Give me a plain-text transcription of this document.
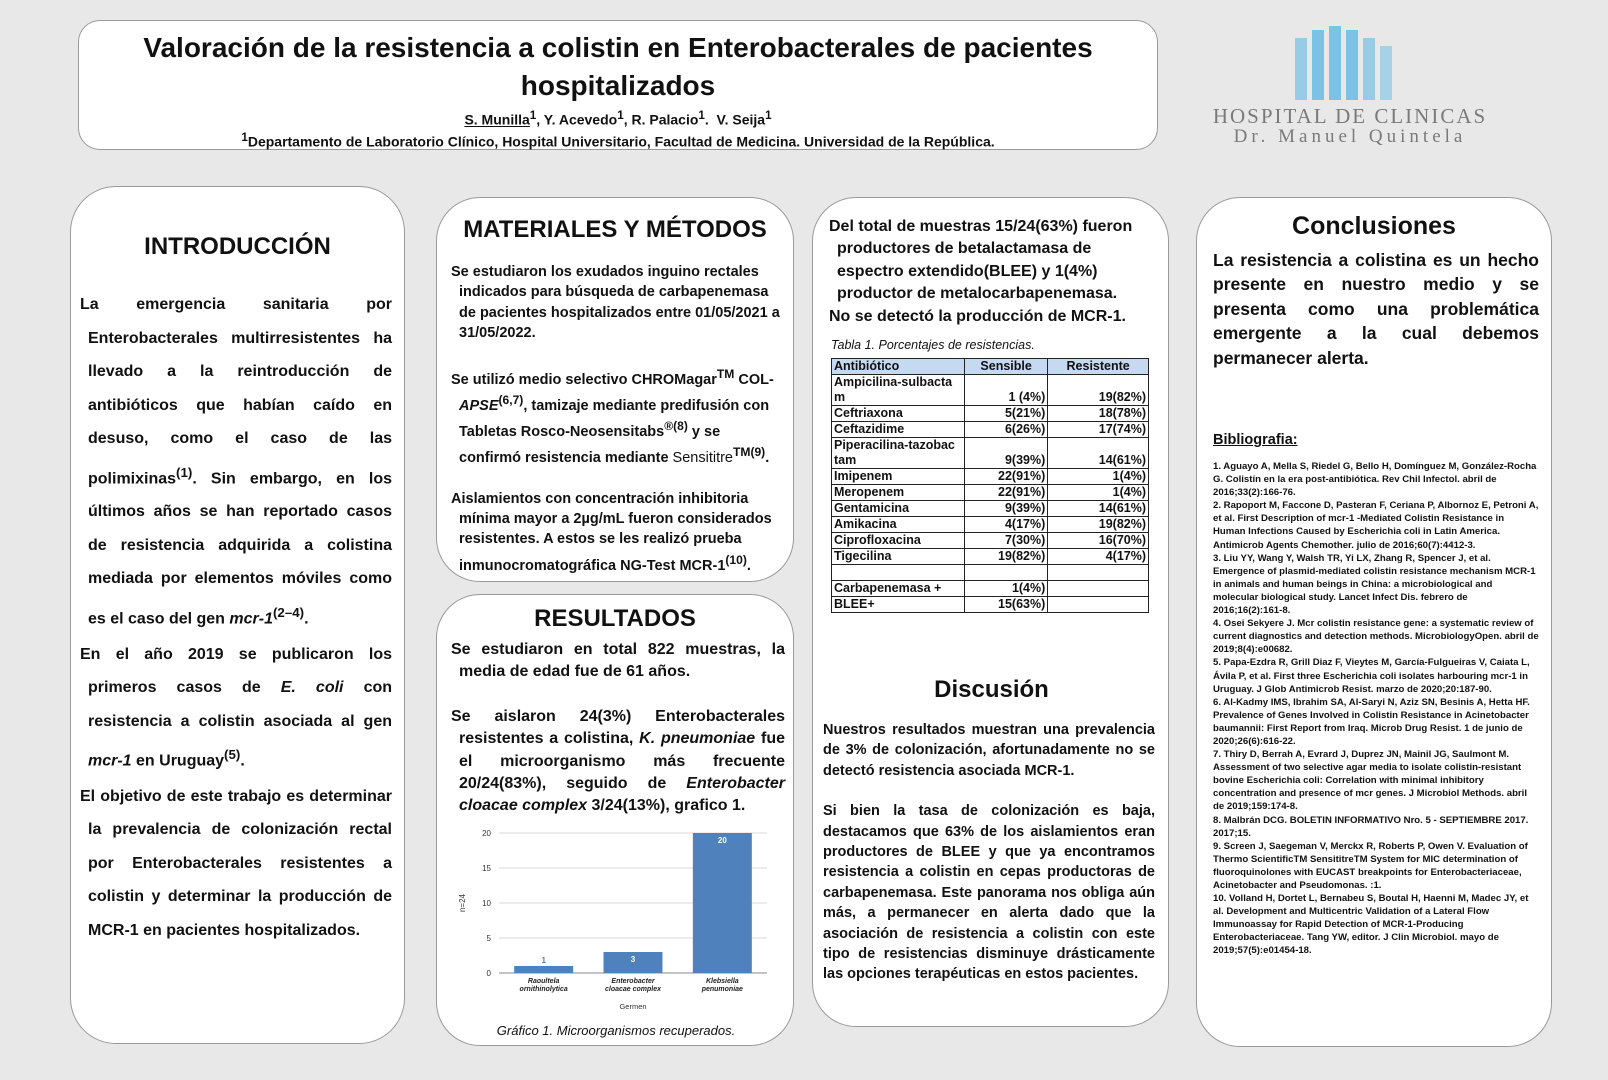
Valoración de la resistencia a colistin en Enterobacterales de pacientes hospitalizados
S. Munilla$^1$, Y. Acevedo$^1$, R. Palacio$^1$.  V. Seija$^1$
$^1$Departamento de Laboratorio Clínico, Hospital Universitario, Facultad de Medicina. Universidad de la República.
HOSPITAL DE CLINICAS
Dr. Manuel Quintela
INTRODUCCIÓN

La emergencia sanitaria por Enterobacterales multirresistentes ha llevado a la reintroducción de antibióticos que habían caído en desuso, como el caso de las polimixinas$^{(1)}$. Sin embargo, en los últimos años se han reportado casos de resistencia adquirida a colistina mediada por elementos móviles como es el caso del gen mcr-1$^{(2-4)}$.

En el año 2019 se publicaron los primeros casos de E. coli con resistencia a colistin asociada al gen mcr-1 en Uruguay$^{(5)}$.

El objetivo de este trabajo es determinar la prevalencia de colonización rectal por Enterobacterales resistentes a colistin y determinar la producción de MCR-1 en pacientes hospitalizados.

MATERIALES Y MÉTODOS

Se estudiaron los exudados inguino rectales indicados para búsqueda de carbapenemasa de pacientes hospitalizados entre 01/05/2021 a 31/05/2022.

Se utilizó medio selectivo CHROMagar™ COL-APSE$^{(6,7)}$, tamizaje mediante predifusión con Tabletas Rosco-Neosensitabs$^{®(8)}$ y se confirmó resistencia mediante Sensititre$^{TM(9)}$.

Aislamientos con concentración inhibitoria mínima mayor a 2µg/mL fueron considerados resistentes. A estos se les realizó prueba inmunocromatográfica NG-Test MCR-1$^{(10)}$.

RESULTADOS

Se estudiaron en total 822 muestras, la media de edad fue de 61 años.

Se aislaron 24(3%) Enterobacterales resistentes a colistina, K. pneumoniae fue el microorganismo más frecuente 20/24(83%), seguido de Enterobacter cloacae complex 3/24(13%), grafico 1.

0
5
10
15
20
n=24
1
Raoultela
ornithinolytica
3
Enterobacter
cloacae complex
20
Klebsiella
penumoniae
Germen
Gráfico 1. Microorganismos recuperados.

Del total de muestras 15/24(63%) fueron productores de betalactamasa de espectro extendido(BLEE) y 1(4%) productor de metalocarbapenemasa.

No se detectó la producción de MCR-1.

Tabla 1. Porcentajes de resistencias.
Antibiótico	Sensible	Resistente
Ampicilina-sulbacta m	1 (4%)	19(82%)
Ceftriaxona	5(21%)	18(78%)
Ceftazidime	6(26%)	17(74%)
Piperacilina-tazobac tam	9(39%)	14(61%)
Imipenem	22(91%)	1(4%)
Meropenem	22(91%)	1(4%)
Gentamicina	9(39%)	14(61%)
Amikacina	4(17%)	19(82%)
Ciprofloxacina	7(30%)	16(70%)
Tigecilina	19(82%)	4(17%)

Carbapenemasa +	1(4%)	
BLEE+	15(63%)	
Discusión

Nuestros resultados muestran una prevalencia de 3% de colonización, afortunadamente no se detectó resistencia asociada MCR-1.

Si bien la tasa de colonización es baja, destacamos que 63% de los aislamientos eran productores de BLEE y que ya encontramos resistencia a colistin en cepas productoras de carbapenemasa. Este panorama nos obliga aún más, a permanecer en alerta dado que la asociación de resistencia a colistin con este tipo de resistencias disminuye drásticamente las opciones terapéuticas en estos pacientes.

Conclusiones
La resistencia a colistina es un hecho presente en nuestro medio y se presenta como una problemática emergente a la cual debemos permanecer alerta.
Bibliografia:
1. Aguayo A, Mella S, Riedel G, Bello H, Domínguez M, González-Rocha G. Colistín en la era post-antibiótica. Rev Chil Infectol. abril de 2016;33(2):166-76.
2. Rapoport M, Faccone D, Pasteran F, Ceriana P, Albornoz E, Petroni A, et al. First Description of mcr-1 -Mediated Colistin Resistance in Human Infections Caused by Escherichia coli in Latin America. Antimicrob Agents Chemother. julio de 2016;60(7):4412-3.
3. Liu YY, Wang Y, Walsh TR, Yi LX, Zhang R, Spencer J, et al. Emergence of plasmid-mediated colistin resistance mechanism MCR-1 in animals and human beings in China: a microbiological and molecular biological study. Lancet Infect Dis. febrero de 2016;16(2):161-8.
4. Osei Sekyere J. Mcr colistin resistance gene: a systematic review of current diagnostics and detection methods. MicrobiologyOpen. abril de 2019;8(4):e00682.
5. Papa-Ezdra R, Grill Diaz F, Vieytes M, García-Fulgueiras V, Caiata L, Ávila P, et al. First three Escherichia coli isolates harbouring mcr-1 in Uruguay. J Glob Antimicrob Resist. marzo de 2020;20:187-90.
6. Al-Kadmy IMS, Ibrahim SA, Al-Saryi N, Aziz SN, Besinis A, Hetta HF. Prevalence of Genes Involved in Colistin Resistance in Acinetobacter baumannii: First Report from Iraq. Microb Drug Resist. 1 de junio de 2020;26(6):616-22.
7. Thiry D, Berrah A, Evrard J, Duprez JN, Mainil JG, Saulmont M. Assessment of two selective agar media to isolate colistin-resistant bovine Escherichia coli: Correlation with minimal inhibitory concentration and presence of mcr genes. J Microbiol Methods. abril de 2019;159:174-8.
8. Malbrán DCG. BOLETIN INFORMATIVO Nro. 5 - SEPTIEMBRE 2017. 2017;15.
9. Screen J, Saegeman V, Merckx R, Roberts P, Owen V. Evaluation of Thermo ScientificTM SensititreTM System for MIC determination of fluoroquinolones with EUCAST breakpoints for Enterobacteriaceae, Acinetobacter and Pseudomonas. :1.
10. Volland H, Dortet L, Bernabeu S, Boutal H, Haenni M, Madec JY, et al. Development and Multicentric Validation of a Lateral Flow Immunoassay for Rapid Detection of MCR-1-Producing Enterobacteriaceae. Tang YW, editor. J Clin Microbiol. mayo de 2019;57(5):e01454-18.
